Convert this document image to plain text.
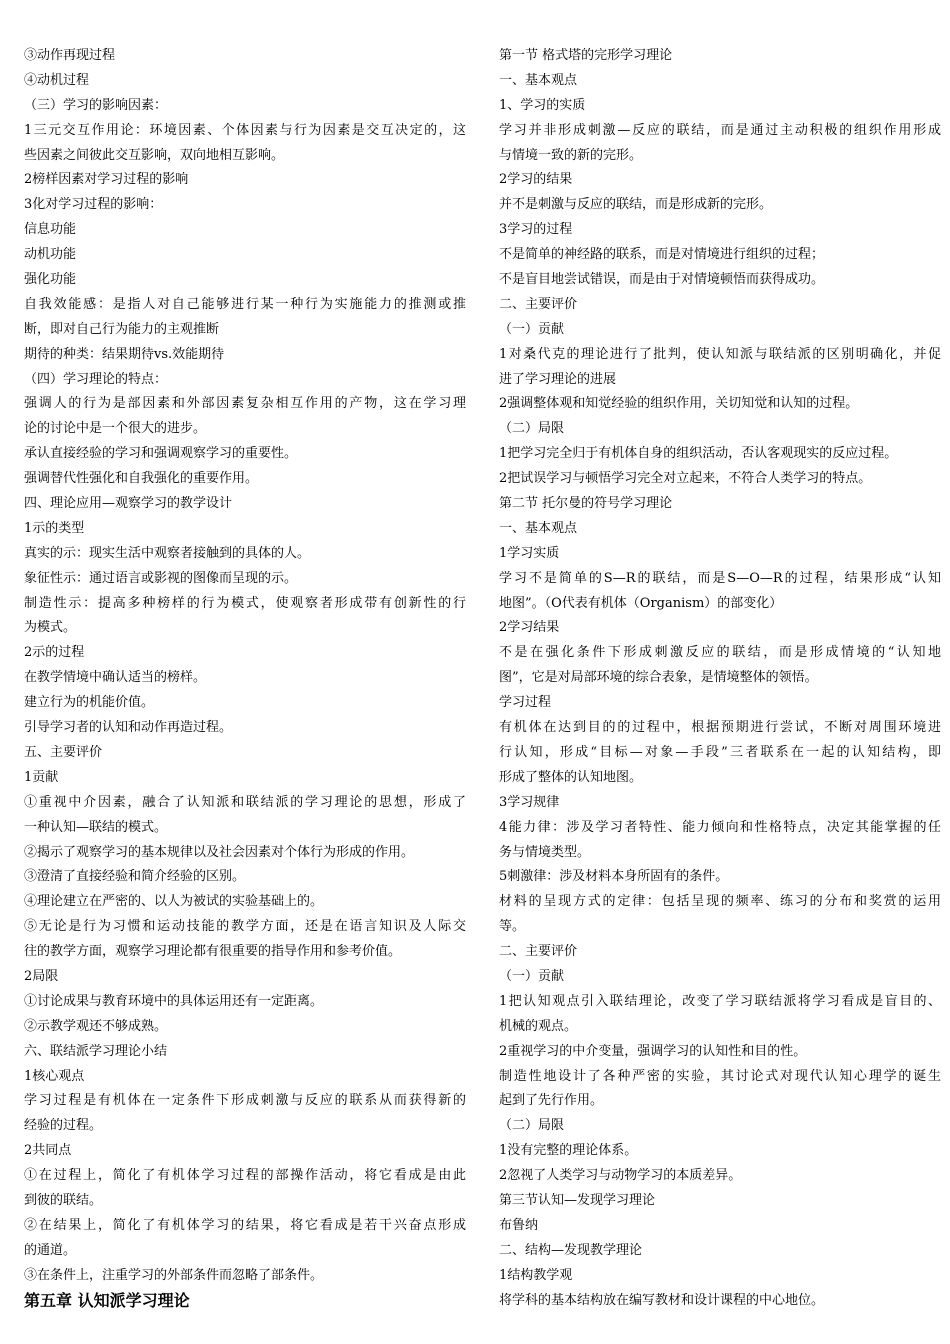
③动作再现过程
④动机过程
（三）学习的影响因素：
1三元交互作用论：环境因素、个体因素与行为因素是交互决定的，这
些因素之间彼此交互影响，双向地相互影响。
2榜样因素对学习过程的影响
3化对学习过程的影响：
信息功能
动机功能
强化功能
自我效能感：是指人对自己能够进行某一种行为实施能力的推测或推
断，即对自己行为能力的主观推断
期待的种类：结果期待vs.效能期待
（四）学习理论的特点：
强调人的行为是部因素和外部因素复杂相互作用的产物，这在学习理
论的讨论中是一个很大的进步。
承认直接经验的学习和强调观察学习的重要性。
强调替代性强化和自我强化的重要作用。
四、理论应用—观察学习的教学设计
1示的类型
真实的示：现实生活中观察者接触到的具体的人。
象征性示：通过语言或影视的图像而呈现的示。
制造性示：提高多种榜样的行为模式，使观察者形成带有创新性的行
为模式。
2示的过程
在教学情境中确认适当的榜样。
建立行为的机能价值。
引导学习者的认知和动作再造过程。
五、主要评价
1贡献
①重视中介因素，融合了认知派和联结派的学习理论的思想，形成了
一种认知—联结的模式。
②揭示了观察学习的基本规律以及社会因素对个体行为形成的作用。
③澄清了直接经验和简介经验的区别。
④理论建立在严密的、以人为被试的实验基础上的。
⑤无论是行为习惯和运动技能的教学方面，还是在语言知识及人际交
往的教学方面，观察学习理论都有很重要的指导作用和参考价值。
2局限
①讨论成果与教育环境中的具体运用还有一定距离。
②示教学观还不够成熟。
六、联结派学习理论小结
1核心观点
学习过程是有机体在一定条件下形成刺激与反应的联系从而获得新的
经验的过程。
2共同点
①在过程上，简化了有机体学习过程的部操作活动，将它看成是由此
到彼的联结。
②在结果上，简化了有机体学习的结果，将它看成是若干兴奋点形成
的通道。
③在条件上，注重学习的外部条件而忽略了部条件。
第五章 认知派学习理论
第一节 格式塔的完形学习理论
一、基本观点
1、学习的实质
学习并非形成刺激—反应的联结，而是通过主动积极的组织作用形成
与情境一致的新的完形。
2学习的结果
并不是刺激与反应的联结，而是形成新的完形。
3学习的过程
不是简单的神经路的联系，而是对情境进行组织的过程；
不是盲目地尝试错误，而是由于对情境顿悟而获得成功。
二、主要评价
（一）贡献
1对桑代克的理论进行了批判，使认知派与联结派的区别明确化，并促
进了学习理论的进展
2强调整体观和知觉经验的组织作用，关切知觉和认知的过程。
（二）局限
1把学习完全归于有机体自身的组织活动，否认客观现实的反应过程。
2把试误学习与顿悟学习完全对立起来，不符合人类学习的特点。
第二节 托尔曼的符号学习理论
一、基本观点
1学习实质
学习不是简单的S—R的联结，而是S—O—R的过程，结果形成“认知
地图”。（O代表有机体（Organism）的部变化）
2学习结果
不是在强化条件下形成刺激反应的联结，而是形成情境的“认知地
图”，它是对局部环境的综合表象，是情境整体的领悟。
学习过程
有机体在达到目的的过程中，根据预期进行尝试，不断对周围环境进
行认知，形成“目标—对象—手段”三者联系在一起的认知结构，即
形成了整体的认知地图。
3学习规律
4能力律：涉及学习者特性、能力倾向和性格特点，决定其能掌握的任
务与情境类型。
5刺激律：涉及材料本身所固有的条件。
材料的呈现方式的定律：包括呈现的频率、练习的分布和奖赏的运用
等。
二、主要评价
（一）贡献
1把认知观点引入联结理论，改变了学习联结派将学习看成是盲目的、
机械的观点。
2重视学习的中介变量，强调学习的认知性和目的性。
制造性地设计了各种严密的实验，其讨论式对现代认知心理学的诞生
起到了先行作用。
（二）局限
1没有完整的理论体系。
2忽视了人类学习与动物学习的本质差异。
第三节认知—发现学习理论
布鲁纳
二、结构—发现教学理论
1结构教学观
将学科的基本结构放在编写教材和设计课程的中心地位。
